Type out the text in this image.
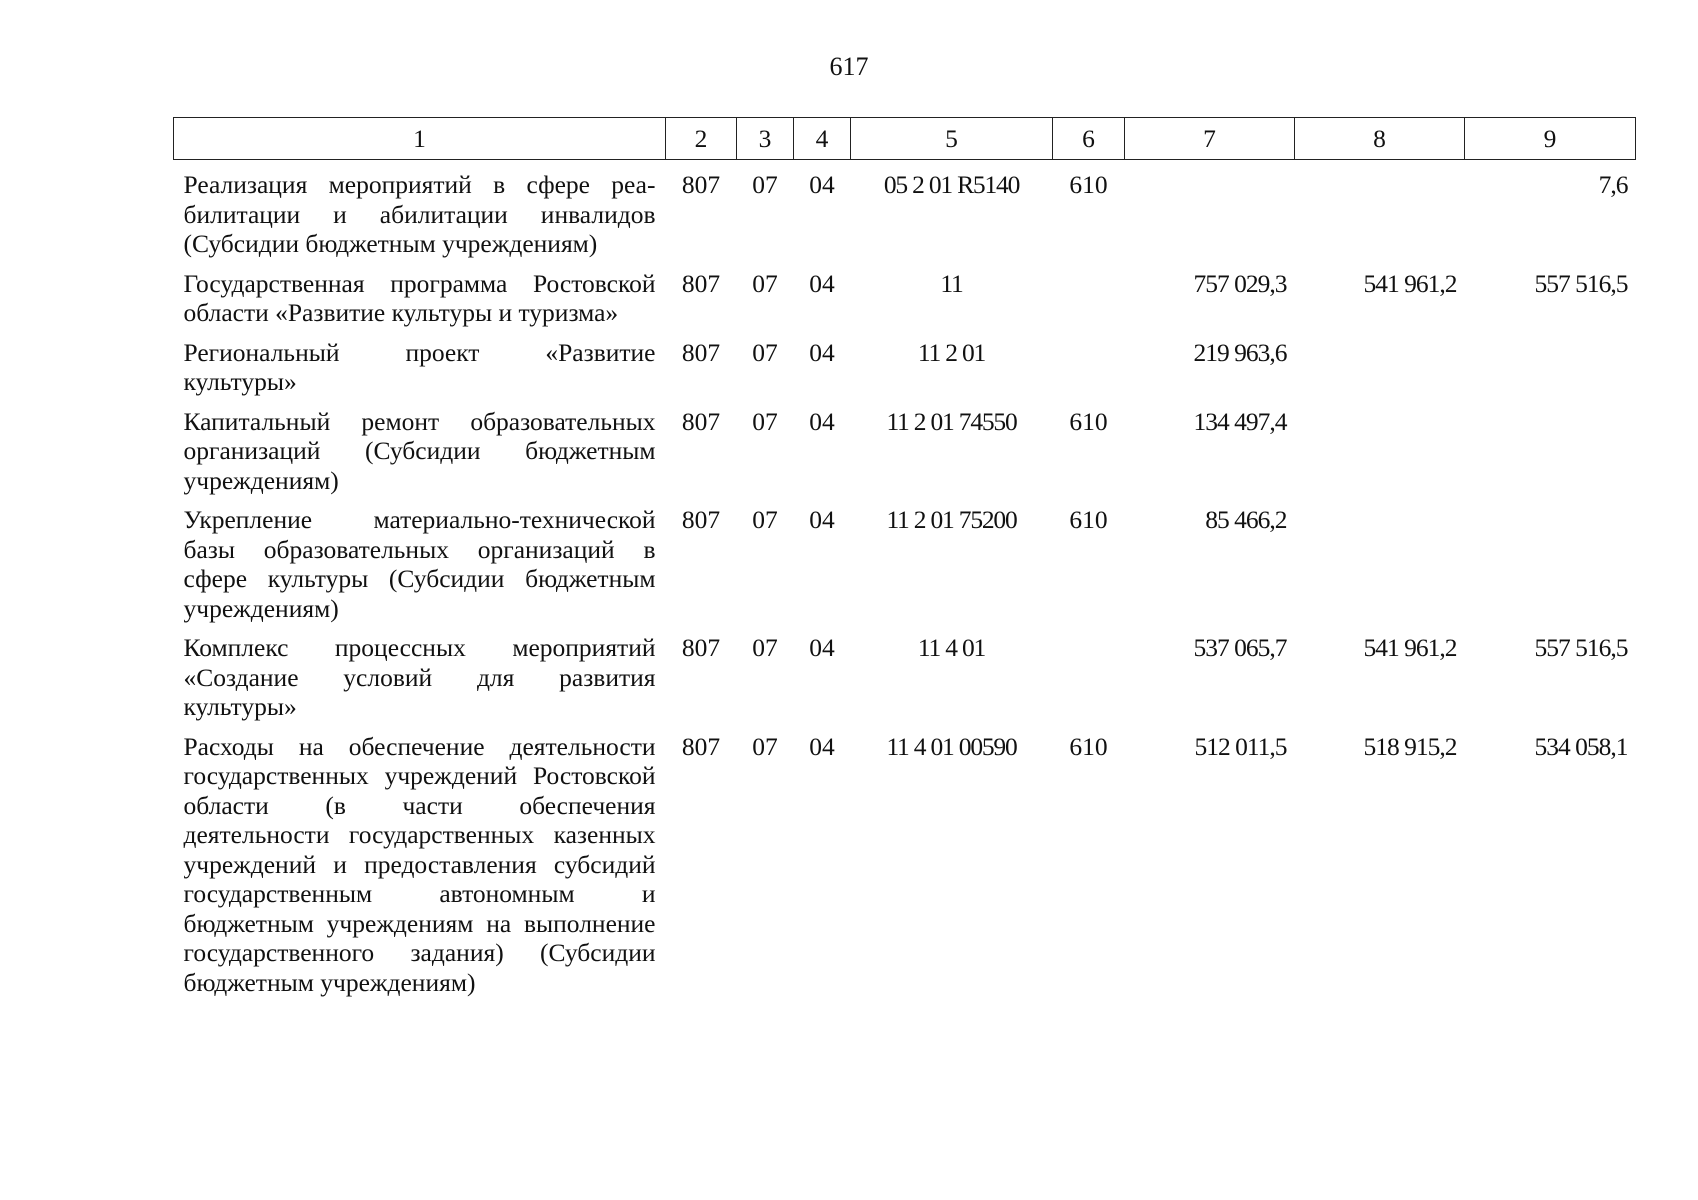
617
1	2	3	4	5	6	7	8	9
Реализация мероприятий в сфере реабилитации и абилитации инвалидов (Субсидии бюджетным учреждениям)	807	07	04	05 2 01 R5140	610			7,6
Государственная программа Ростовской области «Развитие культуры и туризма»	807	07	04	11		757 029,3	541 961,2	557 516,5
Региональный проект «Развитие культуры»	807	07	04	11 2 01		219 963,6		
Капитальный ремонт образовательных организаций (Субсидии бюджетным учреждениям)	807	07	04	11 2 01 74550	610	134 497,4		
Укрепление материально-технической базы образовательных организаций в сфере культуры (Субсидии бюджетным учреждениям)	807	07	04	11 2 01 75200	610	85 466,2		
Комплекс процессных мероприятий «Создание условий для развития культуры»	807	07	04	11 4 01		537 065,7	541 961,2	557 516,5
Расходы на обеспечение деятельности государственных учреждений Ростовской области (в части обеспечения деятельности государственных казенных учреждений и предоставления субсидий государственным автономным и бюджетным учреждениям на выполнение государственного задания) (Субсидии бюджетным учреждениям)	807	07	04	11 4 01 00590	610	512 011,5	518 915,2	534 058,1
